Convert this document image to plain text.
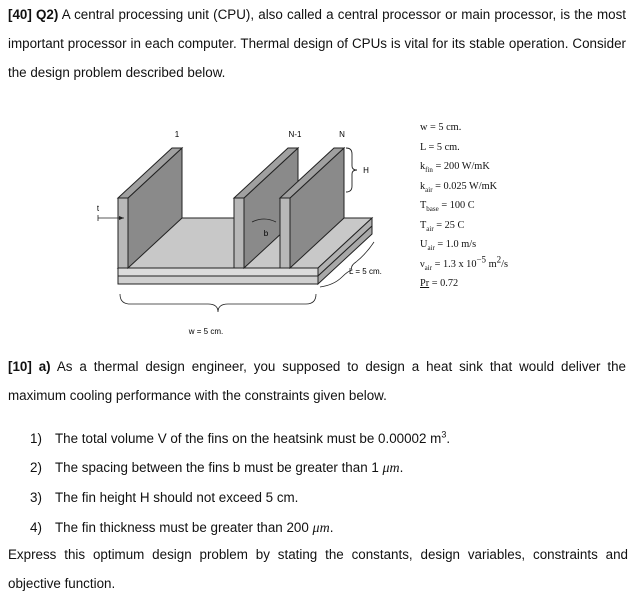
[40] Q2) A central processing unit (CPU), also called a central processor or main processor, is the most important processor in each computer. Thermal design of CPUs is vital for its stable operation. Consider the design problem described below.

1	N-1	N
H
t
b
L = 5 cm.
w = 5 cm.
w = 5 cm.
L = 5 cm.
$k_{fin} = 200$ W/mK
$k_{air} = 0.025$ W/mK
$T_{base} = 100$ C
$T_{air} = 25$ C
$U_{air} = 1.0$ m/s
$\nu_{air} = 1.3$ x $10^{-5}$ $m^2/s$
Pr = 0.72

[10] a) As a thermal design engineer, you supposed to design a heat sink that would deliver the maximum cooling performance with the constraints given below.

1) The total volume V of the fins on the heatsink must be 0.00002 $m^3$.
2) The spacing between the fins b must be greater than 1 μm.
3) The fin height H should not exceed 5 cm.
4) The fin thickness must be greater than 200 μm.

Express this optimum design problem by stating the constants, design variables, constraints and objective function.
